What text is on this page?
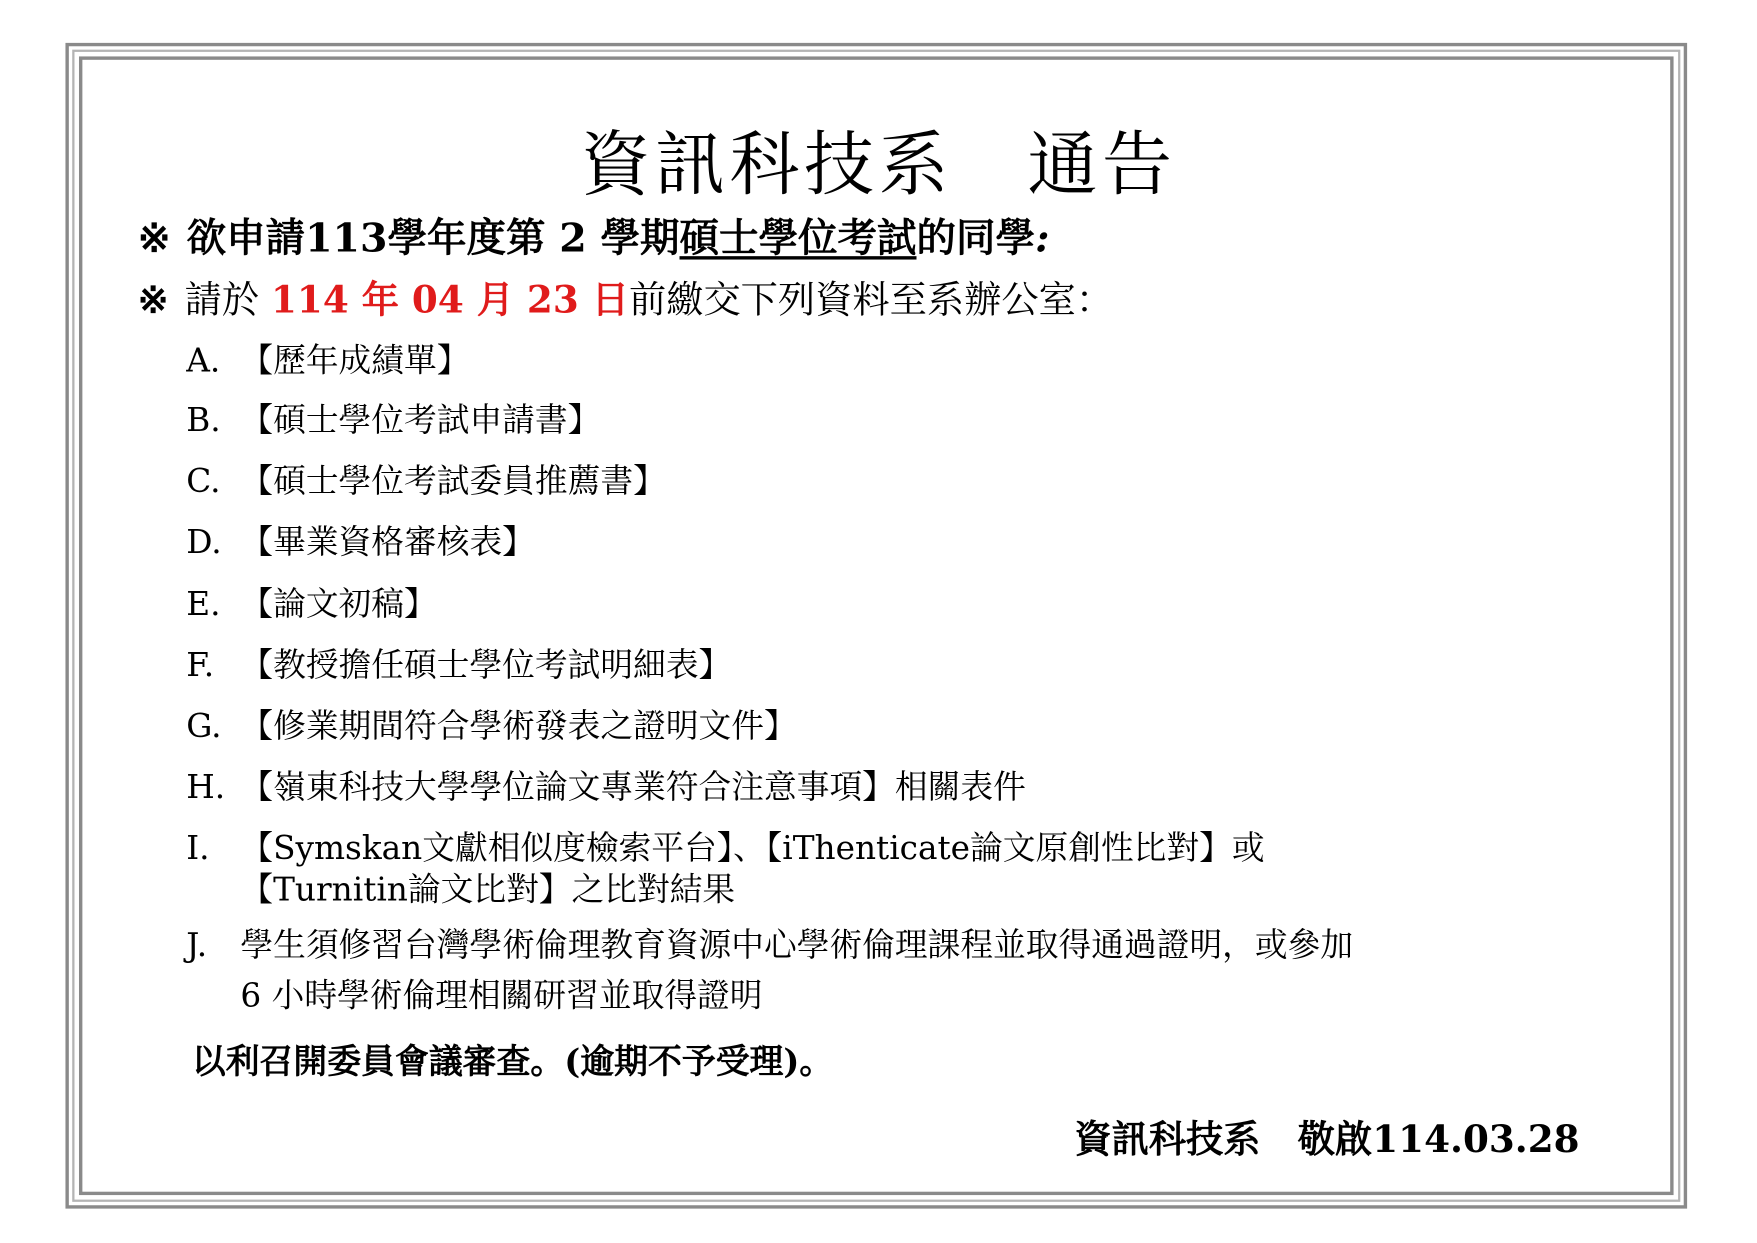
資訊科技系　通告
※ 欲申請113學年度第 2 學期碩士學位考試的同學:
※ 請於 114 年 04 月 23 日前繳交下列資料至系辦公室：
A. 【歷年成績單】
B. 【碩士學位考試申請書】
C. 【碩士學位考試委員推薦書】
D. 【畢業資格審核表】
E. 【論文初稿】
F. 【教授擔任碩士學位考試明細表】
G. 【修業期間符合學術發表之證明文件】
H. 【嶺東科技大學學位論文專業符合注意事項】相關表件
I. 【Symskan文獻相似度檢索平台】、【iThenticate論文原創性比對】或
【Turnitin論文比對】之比對結果
J. 學生須修習台灣學術倫理教育資源中心學術倫理課程並取得通過證明，或參加
6 小時學術倫理相關研習並取得證明
以利召開委員會議審查。(逾期不予受理)。
資訊科技系　敬啟114.03.28
